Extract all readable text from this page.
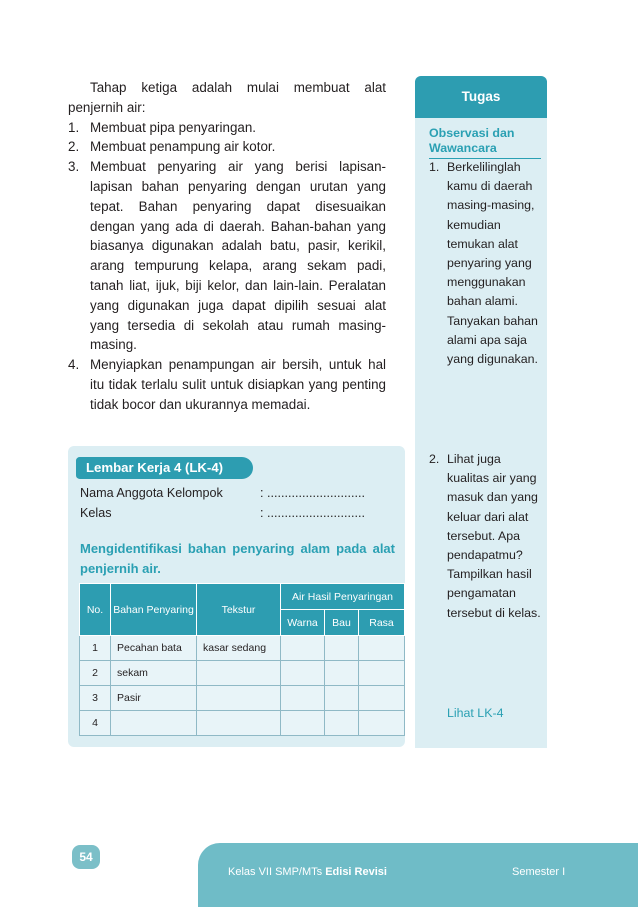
Tahap ketiga adalah mulai membuat alat penjernih air:

1. Membuat pipa penyaringan.
2. Membuat penampung air kotor.
3. Membuat penyaring air yang berisi lapisan-lapisan bahan penyaring dengan urutan yang tepat. Bahan penyaring dapat disesuaikan dengan yang ada di daerah. Bahan-bahan yang biasanya digunakan adalah batu, pasir, kerikil, arang tempurung kelapa, arang sekam padi, tanah liat, ijuk, biji kelor, dan lain-lain. Peralatan yang digunakan juga dapat dipilih sesuai alat yang tersedia di sekolah atau rumah masing-masing.
4. Menyiapkan penampungan air bersih, untuk hal itu tidak terlalu sulit untuk disiapkan yang penting tidak bocor dan ukurannya memadai.
Lembar Kerja 4 (LK-4)
Nama Anggota Kelompok	: ............................
Kelas	: ............................
Mengidentifikasi bahan penyaring alam pada alat penjernih air.
No.	Bahan Penyaring	Tekstur	Air Hasil Penyaringan		
			Warna	Bau	Rasa
1	Pecahan bata	kasar sedang			
2	sekam				
3	Pasir				
4					
Tugas
Observasi dan Wawancara
1. Berkelilinglah kamu di daerah masing-masing, kemudian temukan alat penyaring yang menggunakan bahan alami. Tanyakan bahan alami apa saja yang digunakan.
2. Lihat juga kualitas air yang masuk dan yang keluar dari alat tersebut. Apa pendapatmu? Tampilkan hasil pengamatan tersebut di kelas.
Lihat LK-4
54
Kelas VII SMP/MTs Edisi Revisi	Semester I
